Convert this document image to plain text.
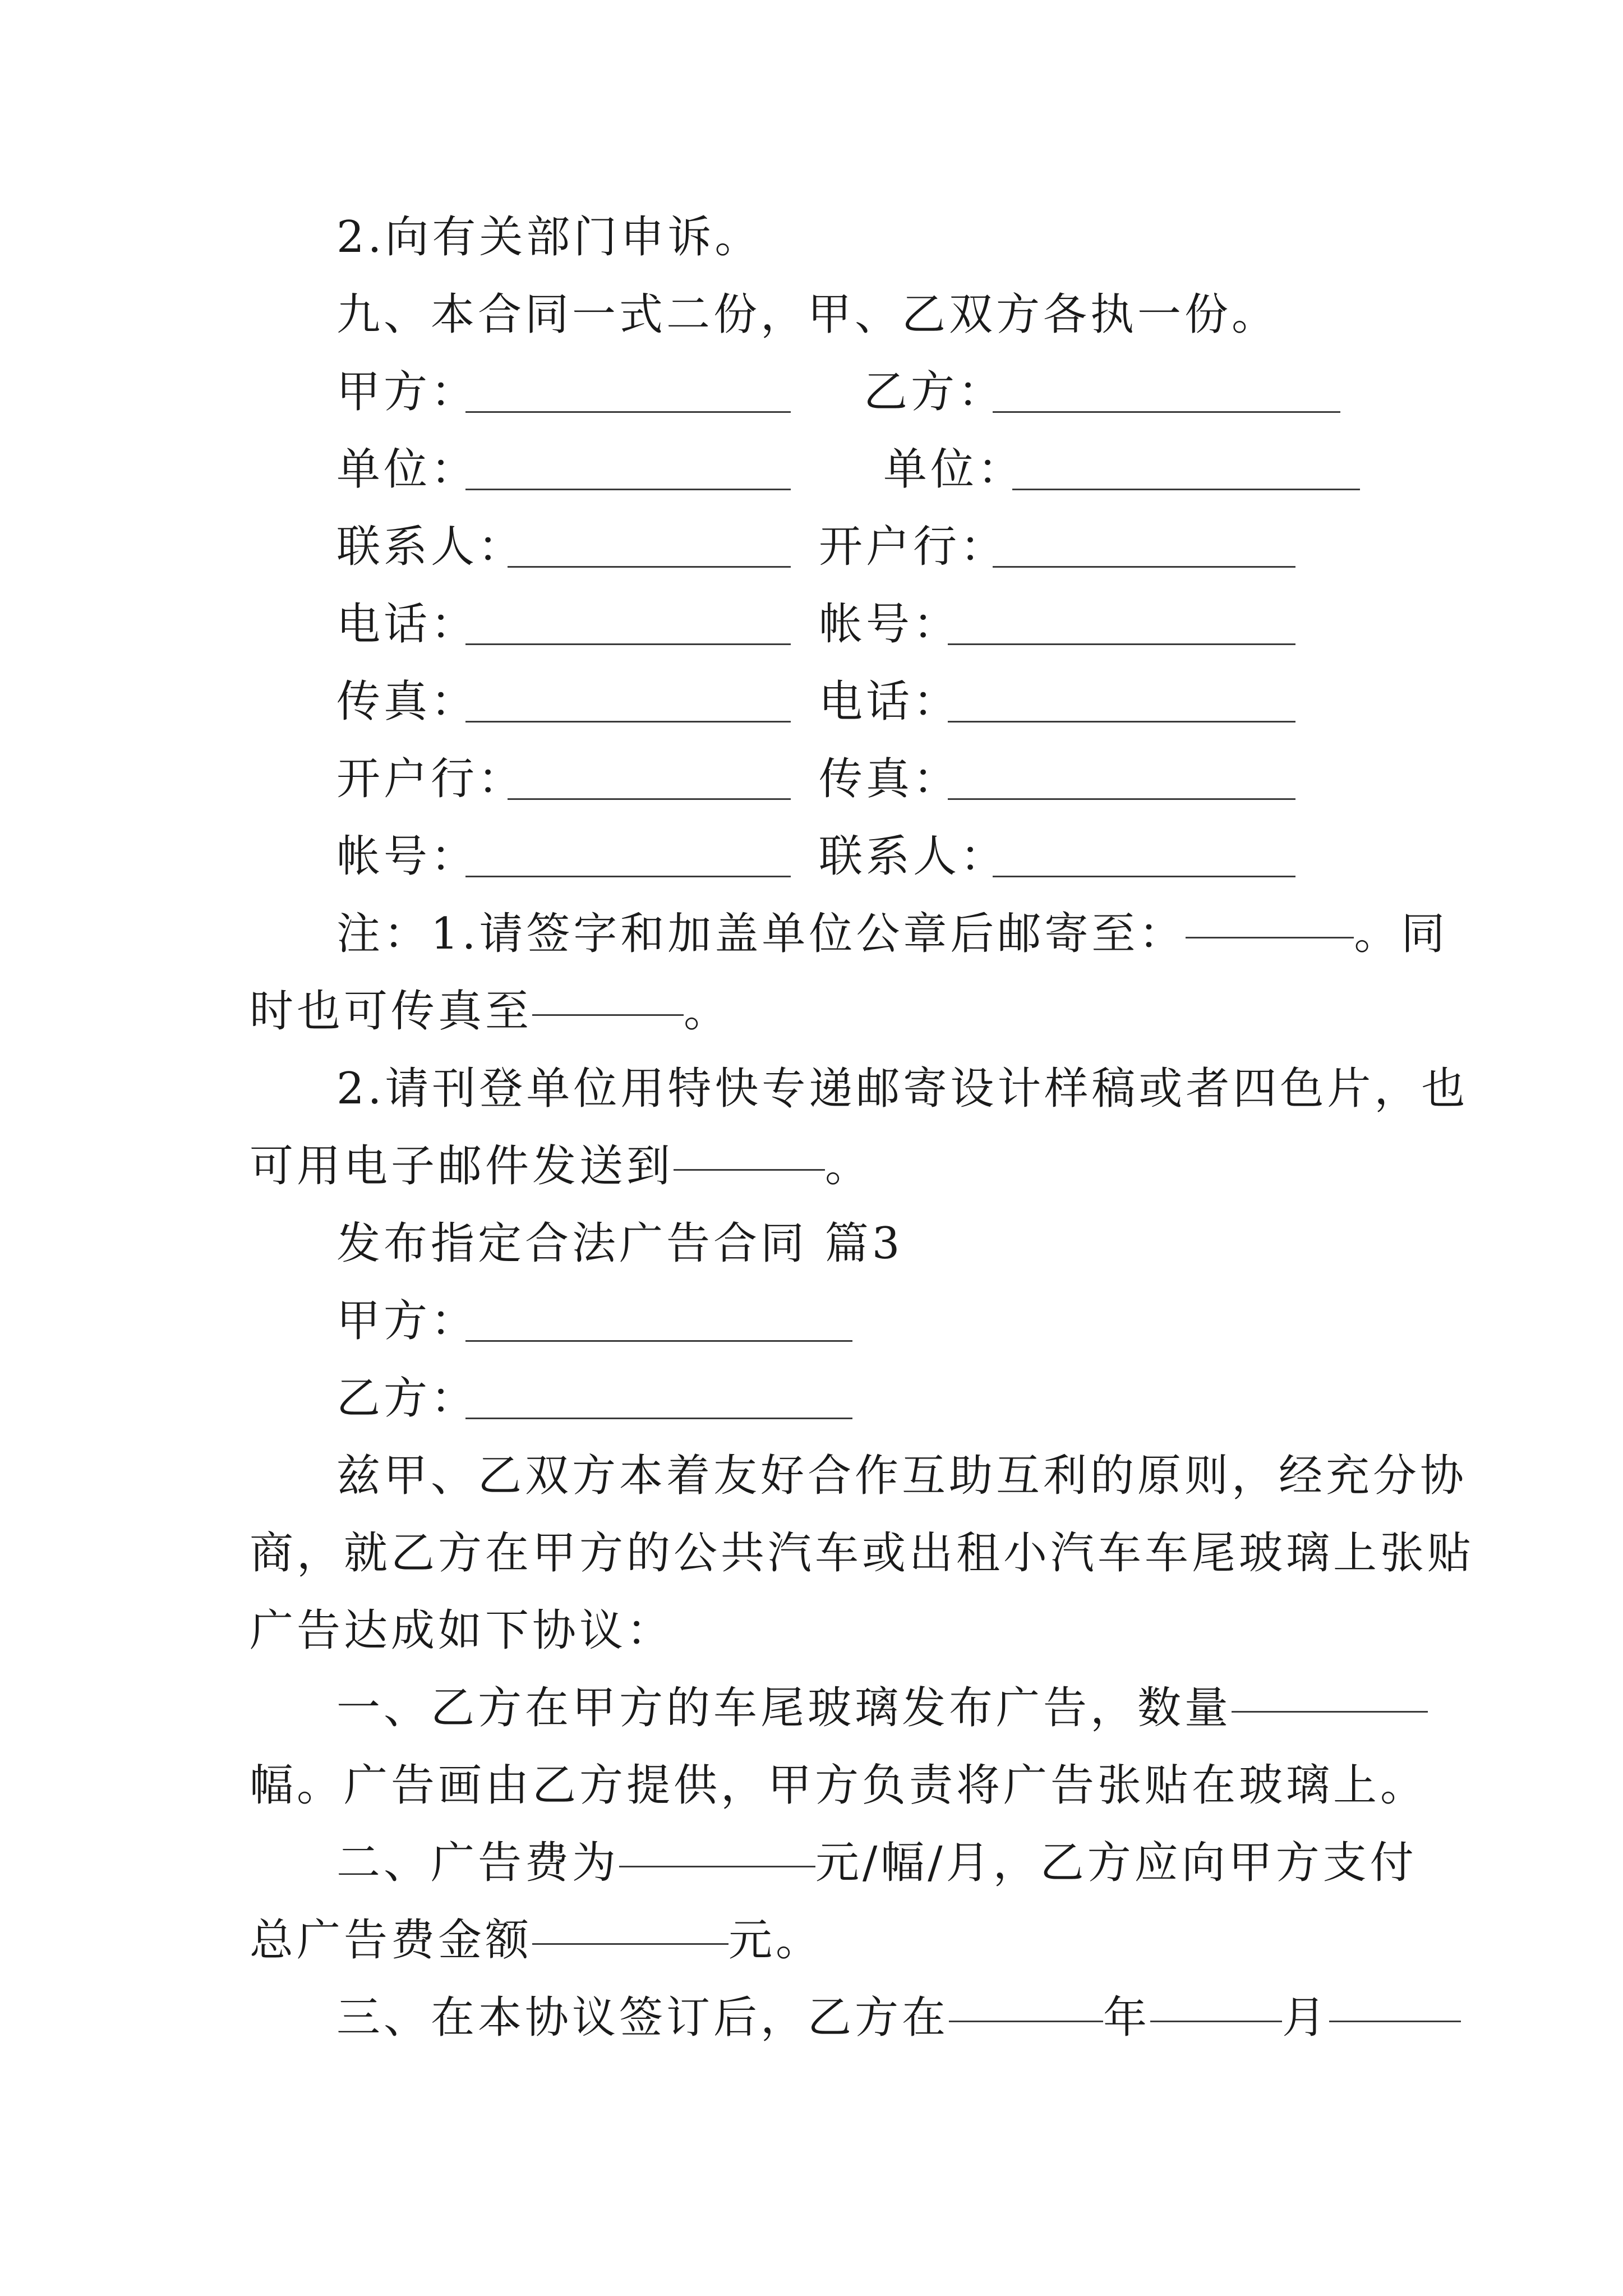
2.向有关部门申诉。
九、本合同一式二份，甲、乙双方各执一份。
甲方：	乙方：
单位：	单位：
联系人：	开户行：
电话：	帐号：
传真：	电话：
开户行：	传真：
帐号：	联系人：
注：1.请签字和加盖单位公章后邮寄至：	。同
时也可传真至	。
2.请刊登单位用特快专递邮寄设计样稿或者四色片，也
可用电子邮件发送到	。
发布指定合法广告合同 篇3
甲方：
乙方：
兹甲、乙双方本着友好合作互助互利的原则，经充分协
商，就乙方在甲方的公共汽车或出租小汽车车尾玻璃上张贴
广告达成如下协议：
一、乙方在甲方的车尾玻璃发布广告，数量
幅。广告画由乙方提供，甲方负责将广告张贴在玻璃上。
二、广告费为	元/幅/月，乙方应向甲方支付
总广告费金额	元。
三、在本协议签订后，乙方在	年	月
